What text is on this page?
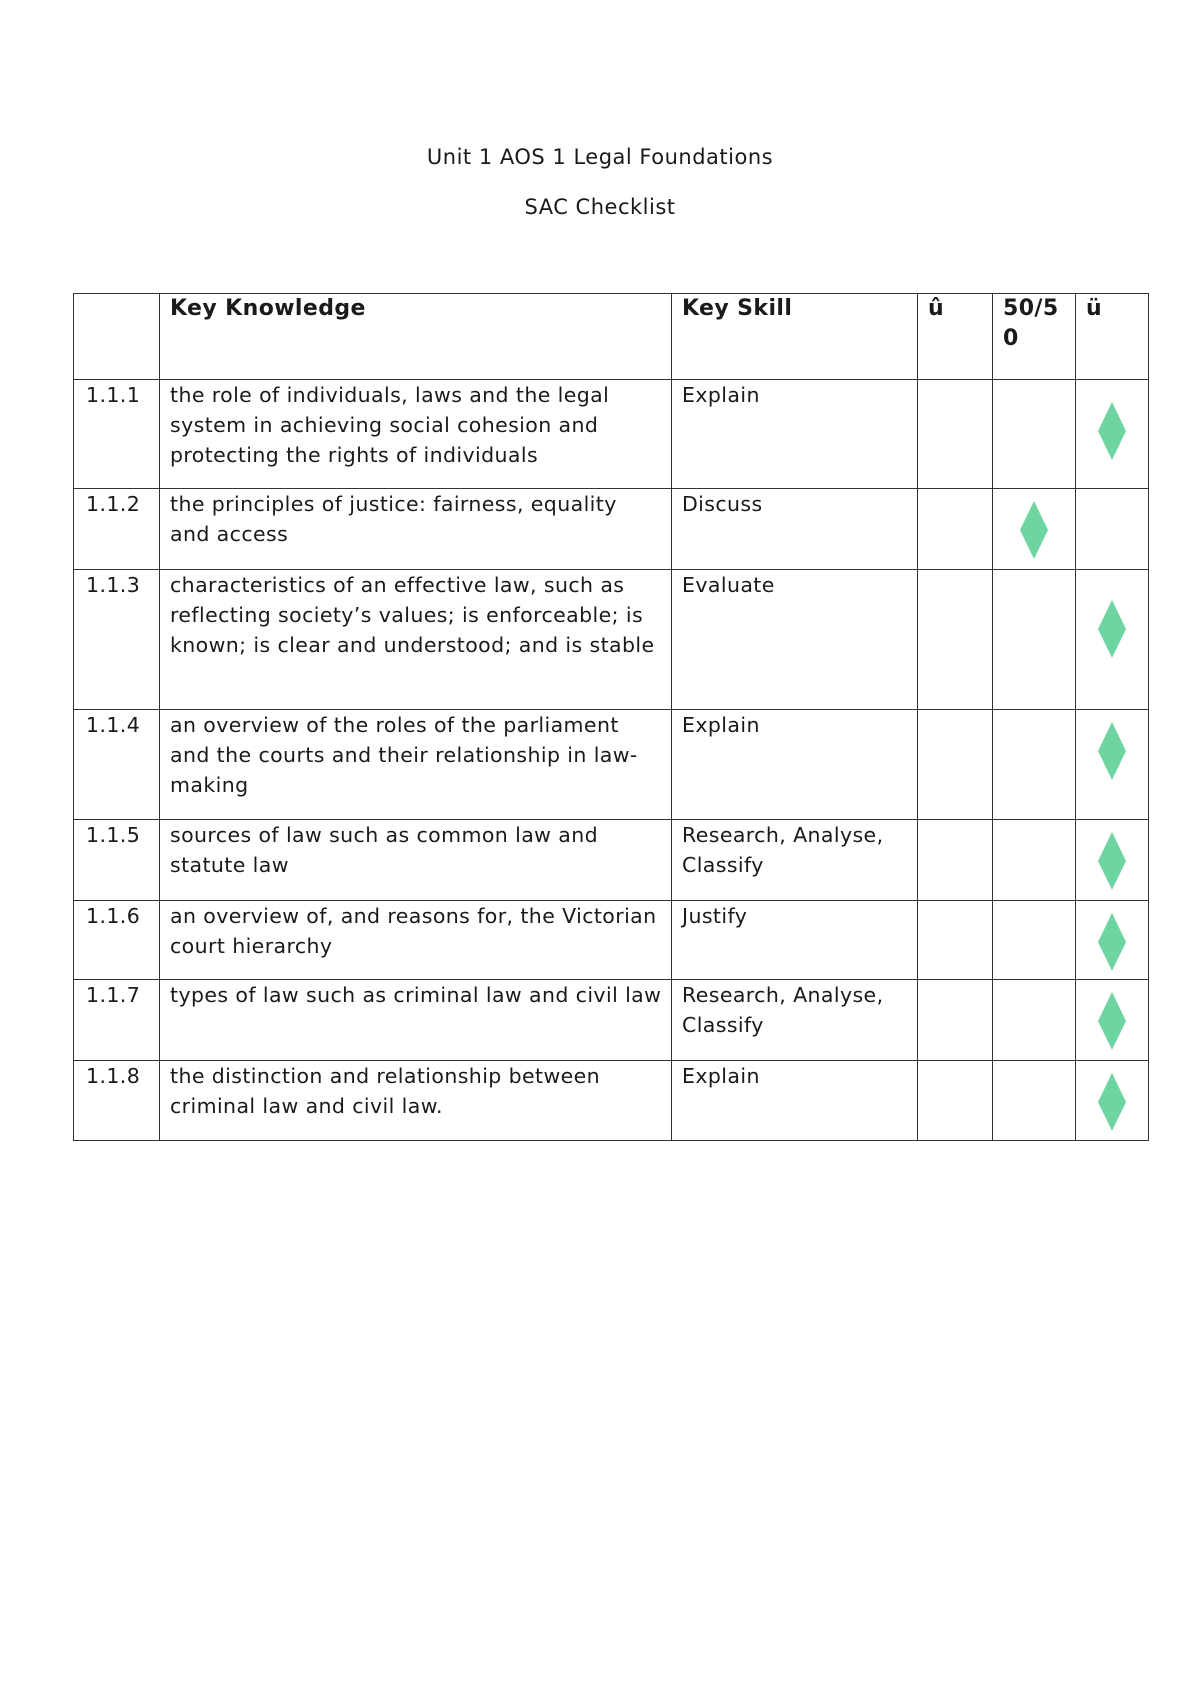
Unit 1 AOS 1 Legal Foundations
SAC Checklist
	Key Knowledge	Key Skill	û	50/50	ü
1.1.1	the role of individuals, laws and the legal system in achieving social cohesion and protecting the rights of individuals	Explain			

1.1.2	the principles of justice: fairness, equality and access	Discuss		

1.1.3	characteristics of an effective law, such as reflecting society’s values; is enforceable; is known; is clear and understood; and is stable	Evaluate			

1.1.4	an overview of the roles of the parliament and the courts and their relationship in law-making	Explain			

1.1.5	sources of law such as common law and statute law	Research, Analyse, Classify			

1.1.6	an overview of, and reasons for, the Victorian court hierarchy	Justify			

1.1.7	types of law such as criminal law and civil law	Research, Analyse, Classify			

1.1.8	the distinction and relationship between criminal law and civil law.	Explain			
